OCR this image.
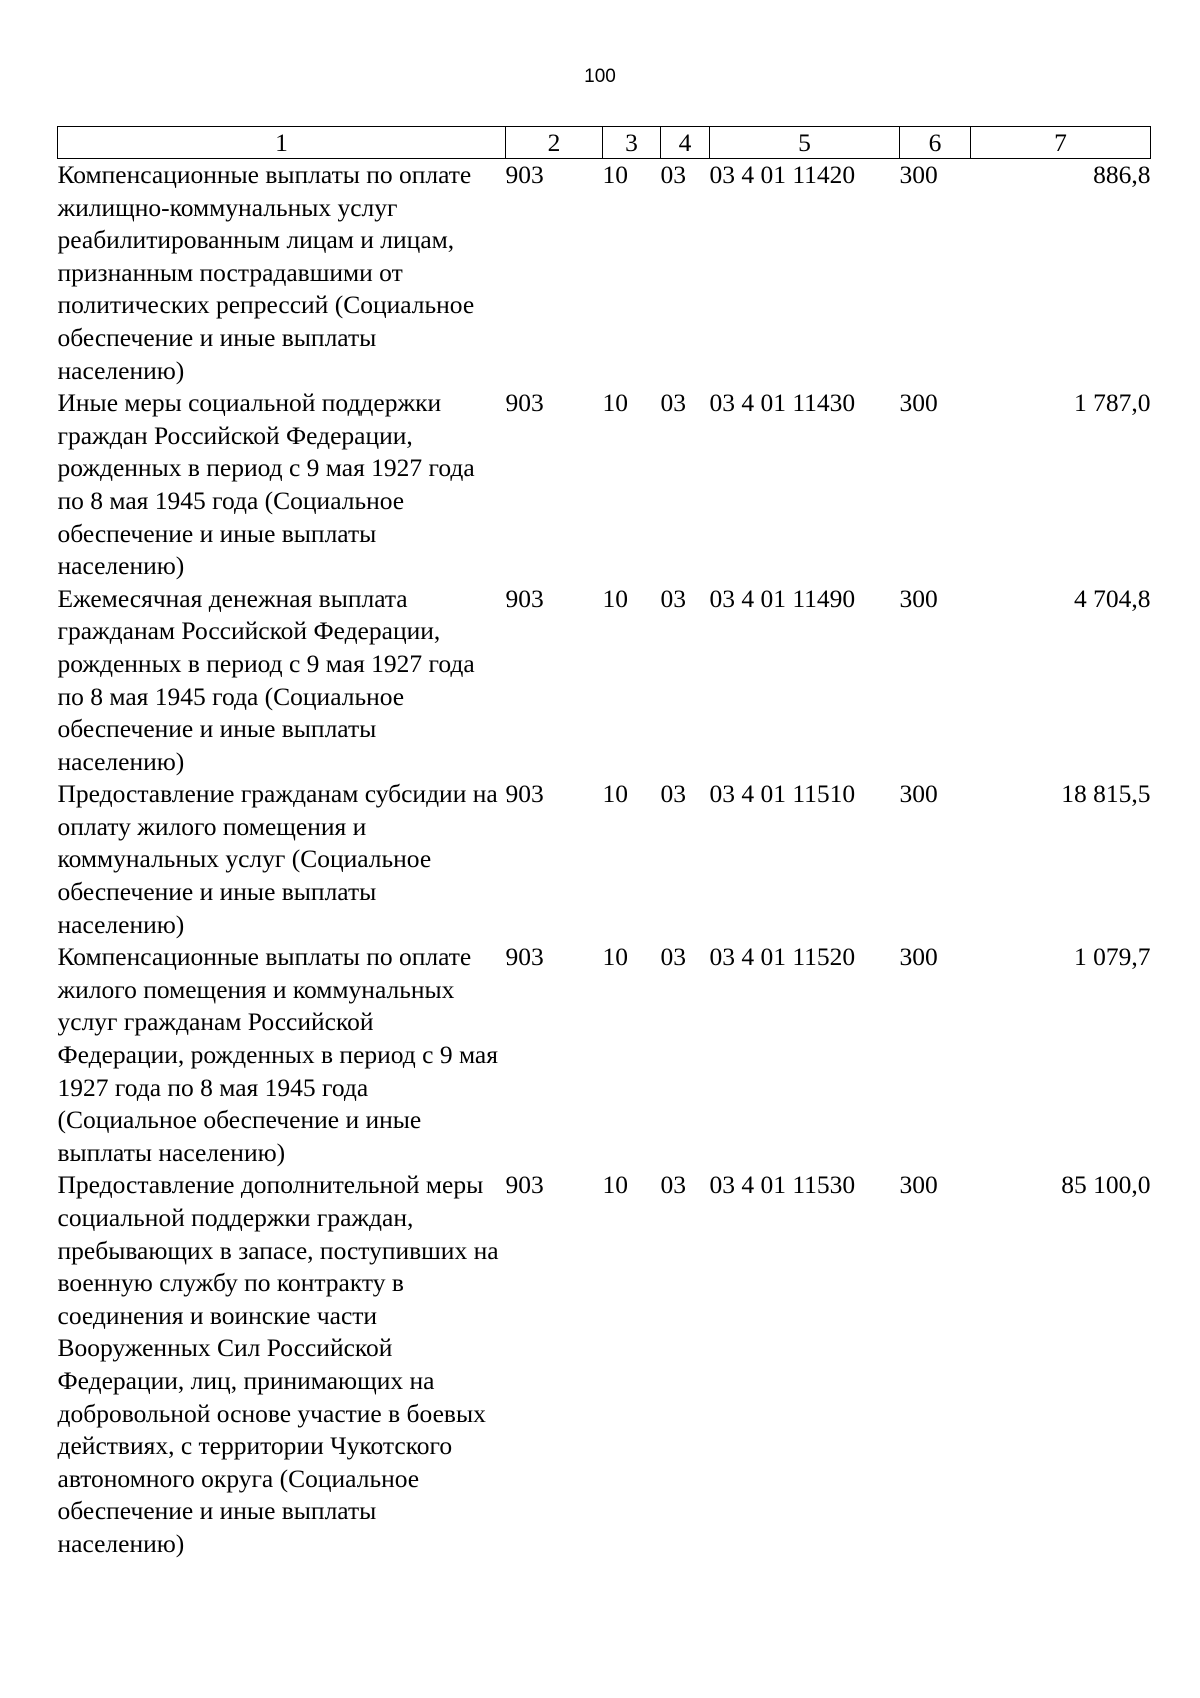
100
1	2	3	4	5	6	7
Компенсационные выплаты по оплате жилищно-коммунальных услуг реабилитированным лицам и лицам, признанным пострадавшими от политических репрессий (Социальное обеспечение и иные выплаты населению)	903	10	03	03 4 01 11420	300	886,8
Иные меры социальной поддержки граждан Российской Федерации, рожденных в период с 9 мая 1927 года по 8 мая 1945 года (Социальное обеспечение и иные выплаты населению)	903	10	03	03 4 01 11430	300	1 787,0
Ежемесячная денежная выплата гражданам Российской Федерации, рожденных в период с 9 мая 1927 года по 8 мая 1945 года (Социальное обеспечение и иные выплаты населению)	903	10	03	03 4 01 11490	300	4 704,8
Предоставление гражданам субсидии на оплату жилого помещения и коммунальных услуг (Социальное обеспечение и иные выплаты населению)	903	10	03	03 4 01 11510	300	18 815,5
Компенсационные выплаты по оплате жилого помещения и коммунальных услуг гражданам Российской Федерации, рожденных в период с 9 мая 1927 года по 8 мая 1945 года (Социальное обеспечение и иные выплаты населению)	903	10	03	03 4 01 11520	300	1 079,7
Предоставление дополнительной меры социальной поддержки граждан, пребывающих в запасе, поступивших на военную службу по контракту в соединения и воинские части Вооруженных Сил Российской Федерации, лиц, принимающих на добровольной основе участие в боевых действиях, с территории Чукотского автономного округа (Социальное обеспечение и иные выплаты населению)	903	10	03	03 4 01 11530	300	85 100,0
